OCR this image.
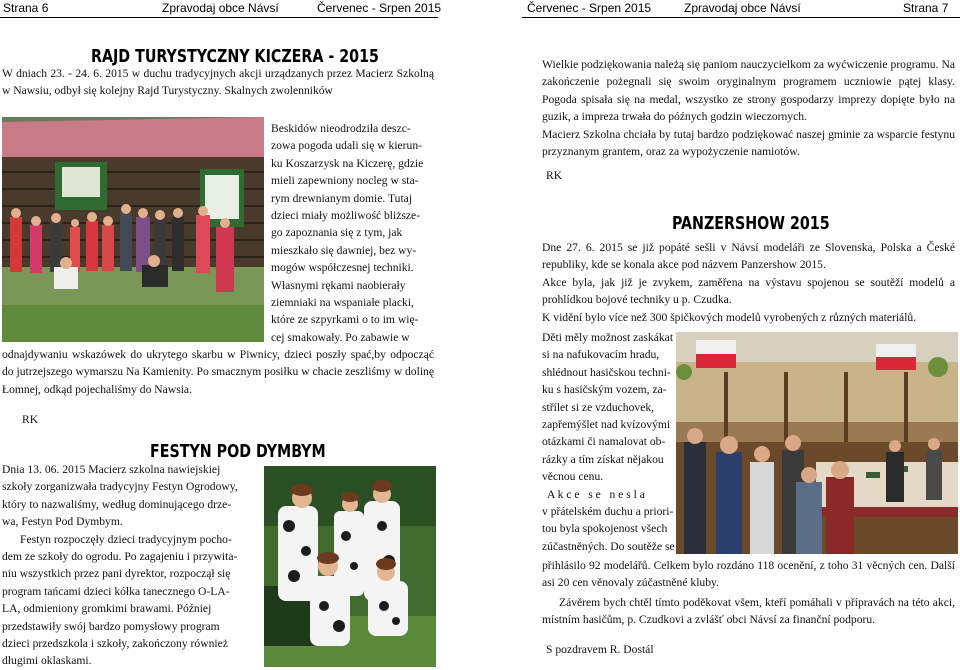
Strana 6	Zpravodaj obce Návsí	Červenec - Srpen 2015	Červenec - Srpen 2015	Zpravodaj obce Návsí	Strana 7
RAJD TURYSTYCZNY KICZERA - 2015

W dniach 23. - 24. 6. 2015 w duchu tradycyjnych akcji urządzanych przez Macierz Szkolną w Nawsiu, odbył się kolejny Rajd Turystyczny. Skalnych zwolenników

Beskidów nieodrodziła deszc-
zowa pogoda udali się w kierun-
ku Koszarzysk na Kiczerę, gdzie
mieli zapewniony nocleg w sta-
rym drewnianym domie. Tutaj
dzieci miały możliwość bliższe-
go zapoznania się z tym, jak
mieszkało się dawniej, bez wy-
mogów współczesnej techniki.
Własnymi rękami naobierały
ziemniaki na wspaniałe placki,
które ze szpyrkami o to im wię-
cej smakowały. Po zabawie w

odnajdywaniu wskazówek do ukrytego skarbu w Piwnicy, dzieci poszły spać,by odpocząć do jutrzejszego wymarszu Na Kamienity. Po smacznym posiłku w chacie zeszliśmy w dolinę Łomnej, odkąd pojechaliśmy do Nawsia.

RK
FESTYN POD DYMBYM
Dnia 13. 06. 2015 Macierz szkolna nawiejskiej
szkoły zorganizwała tradycyjny Festyn Ogrodowy,
który to nazwaliśmy, według dominującego drze-
wa, Festyn Pod Dymbym.
Festyn rozpoczęły dzieci tradycyjnym pocho-
dem ze szkoły do ogrodu. Po zagajeniu i przywita-
niu wszystkich przez pani dyrektor, rozpoczął się
program tańcami dzieci kółka tanecznego O-LA-
LA, odmieniony gromkimi brawami. Później
przedstawiły swój bardzo pomysłowy program
dzieci przedszkola i szkoły, zakończony również
długimi oklaskami.

Wielkie podziękowania należą się paniom nauczycielkom za wyćwiczenie programu. Na zakończenie pożegnali się swoim oryginalnym programem uczniowie pątej klasy. Pogoda spisała się na medal, wszystko ze strony gospodarzy imprezy dopięte było na guzik, a impreza trwała do późnych godzin wieczornych.

Macierz Szkolna chciała by tutaj bardzo podziękować naszej gminie za wsparcie festynu przyznanym grantem, oraz za wypożyczenie namiotów.

RK
PANZERSHOW 2015

Dne 27. 6. 2015 se již popáté sešli v Návsí modeláři ze Slovenska, Polska a České republiky, kde se konala akce pod názvem Panzershow 2015.

Akce byla, jak již je zvykem, zaměřena na výstavu spojenou se soutěží modelů a prohlídkou bojové techniky u p. Czudka.

K vidění bylo více než 300 špičkových modelů vyrobených z různých materiálů.

Děti měly možnost zaskákat
si na nafukovacím hradu,
shlédnout hasičskou techni-
ku s hasičským vozem, za-
střílet si ze vzduchovek,
zapřemýšlet nad kvízovými
otázkami či namalovat ob-
rázky a tím získat nějakou
věcnou cenu.
A k c e   s e   n e s l a
v přátelském duchu a priori-
tou byla spokojenost všech
zúčastněných. Do soutěže se

přihlásilo 92 modelářů. Celkem bylo rozdáno 118 ocenění, z toho 31 věcných cen. Další asi 20 cen věnovaly zúčastněné kluby.

Závěrem bych chtěl tímto poděkovat všem, kteří pomáhali v přípravách na této akci, místním hasičům, p. Czudkovi a zvlášť obci Návsí za finanční podporu.

S pozdravem R. Dostál
